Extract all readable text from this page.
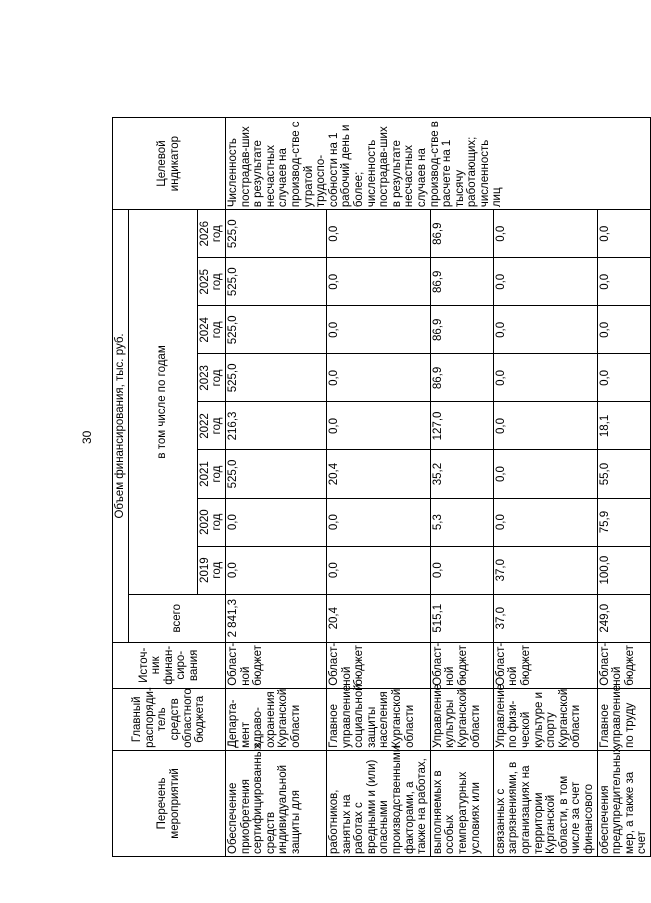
30
Перечень мероприятий	Главный распоряди-тель средств областного бюджета	Источ-ник финан-сиро-вания	Объем финансирования, тыс. руб.									Целевой индикатор
			всего	в том числе по годам								
				2019 год	2020 год	2021 год	2022 год	2023 год	2024 год	2025 год	2026 год	
Обеспечение приобретения сертифицированных средств индивидуальной защиты для	Департа-мент здраво-охранения Курганской области	Област-ной бюджет	2 841,3	0,0	0,0	525,0	216,3	525,0	525,0	525,0	525,0	Численность пострадав-ших в результате несчастных случаев на производ-стве с утратой трудоспо-собности на 1 рабочий день и более; численность пострадав-ших в результате несчастных случаев на производ-стве в расчете на 1 тысячу работающих; численность лиц
работников, занятых на работах с вредными и (или) опасными производственными факторами, а также на работах,	Главное управление социальной защиты населения Курганской области	Област-ной бюджет	20,4	0,0	0,0	20,4	0,0	0,0	0,0	0,0	0,0	
выполняемых в особых температурных условиях или	Управление культуры Курганской области	Област-ной бюджет	515,1	0,0	5,3	35,2	127,0	86,9	86,9	86,9	86,9	
связанных с загрязнениями, в организациях на территории Курганской области, в том числе за счет финансового	Управление по физи-ческой культуре и спорту Курганской области	Област-ной бюджет	37,0	37,0	0,0	0,0	0,0	0,0	0,0	0,0	0,0	
обеспечения предупредительных мер, а также за счет	Главное управление по труду	Област-ной бюджет	249,0	100,0	75,9	55,0	18,1	0,0	0,0	0,0	0,0	
